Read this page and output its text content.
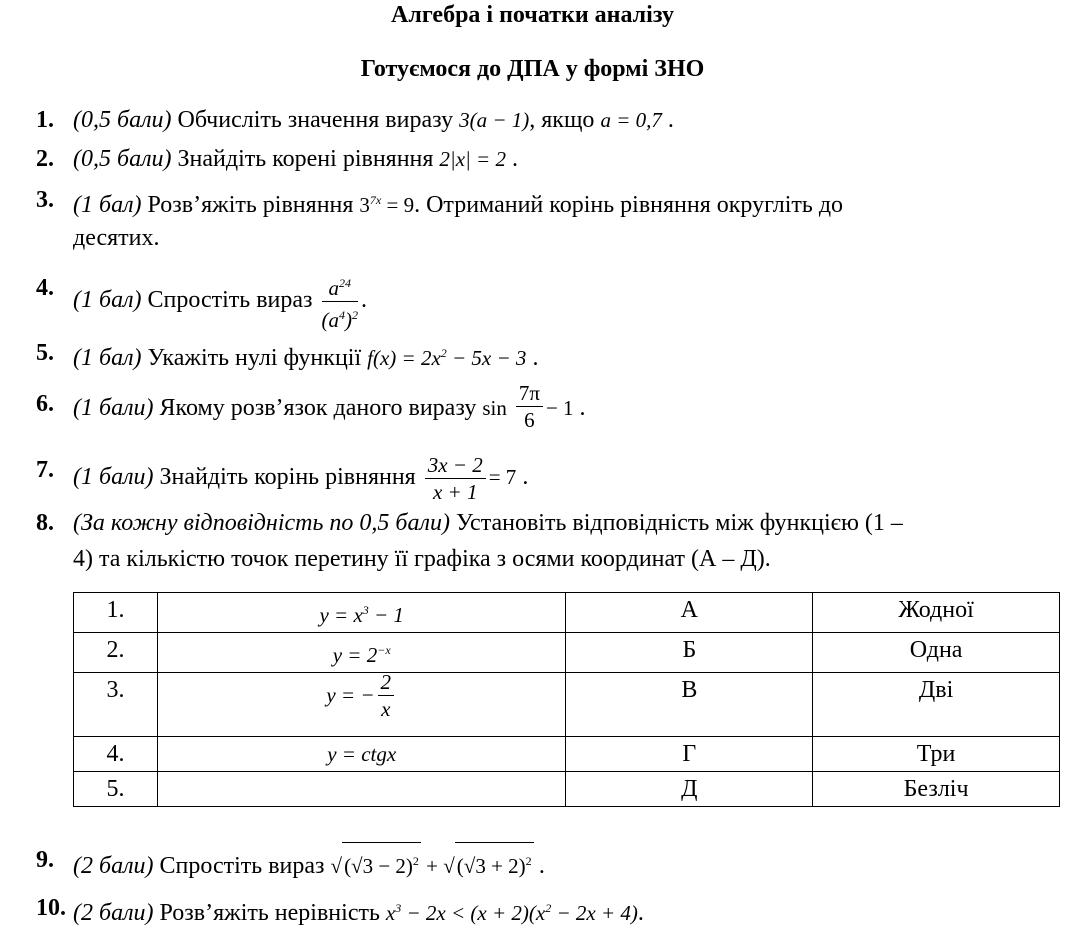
Алгебра і початки аналізу
Готуємося до ДПА у формі ЗНО
1. (0,5 бали) Обчисліть значення виразу 3(a − 1), якщо a = 0,7 .
2. (0,5 бали) Знайдіть корені рівняння 2|x| = 2 .
3. (1 бал) Розв’яжіть рівняння $3^{7x} = 9$. Отриманий корінь рівняння округліть до
десятих.
4. (1 бал) Спростіть вираз $\frac{a^{24}}{(a^4)^2}$ .
5. (1 бал) Укажіть нулі функції $f(x) = 2x^2 - 5x - 3$ .
6. (1 бали) Якому розв’язок даного виразу $\sin \frac{7\pi}{6} - 1$ .
7. (1 бали) Знайдіть корінь рівняння $\frac{3x - 2}{x + 1} = 7$ .
8. (За кожну відповідність по 0,5 бали) Установіть відповідність між функцією (1 –
4) та кількістю точок перетину її графіка з осями координат (А – Д).
1.	$y = x^3 - 1$	А	Жодної
2.	$y = 2^{-x}$	Б	Одна
3.	y = − $\frac{2}{x}$	В	Дві
4.	y = ctgx	Г	Три
5.		Д	Безліч
9. (2 бали) Спростіть вираз $√(√3 - 2)^2 + √(√3 + 2)^2$ .
10. (2 бали) Розв’яжіть нерівність $x^3 - 2x < (x + 2)(x^2 - 2x + 4)$.
